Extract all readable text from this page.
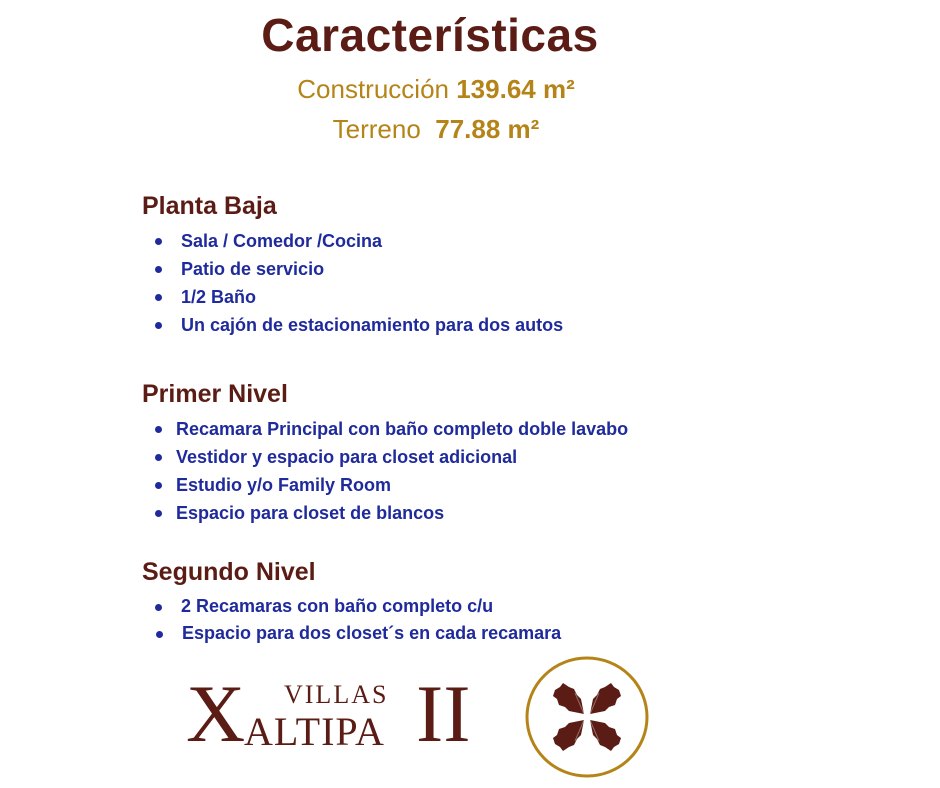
Características
Construcción 139.64 m²
Terreno 77.88 m²
Planta Baja
Sala / Comedor /Cocina
Patio de servicio
1/2 Baño
Un cajón de estacionamiento para dos autos
Primer Nivel
Recamara Principal con baño completo doble lavabo
Vestidor y espacio para closet adicional
Estudio y/o Family Room
Espacio para closet de blancos
Segundo Nivel
2 Recamaras con baño completo c/u
Espacio para dos closet´s en cada recamara
X VILLAS
ALTIPA II
